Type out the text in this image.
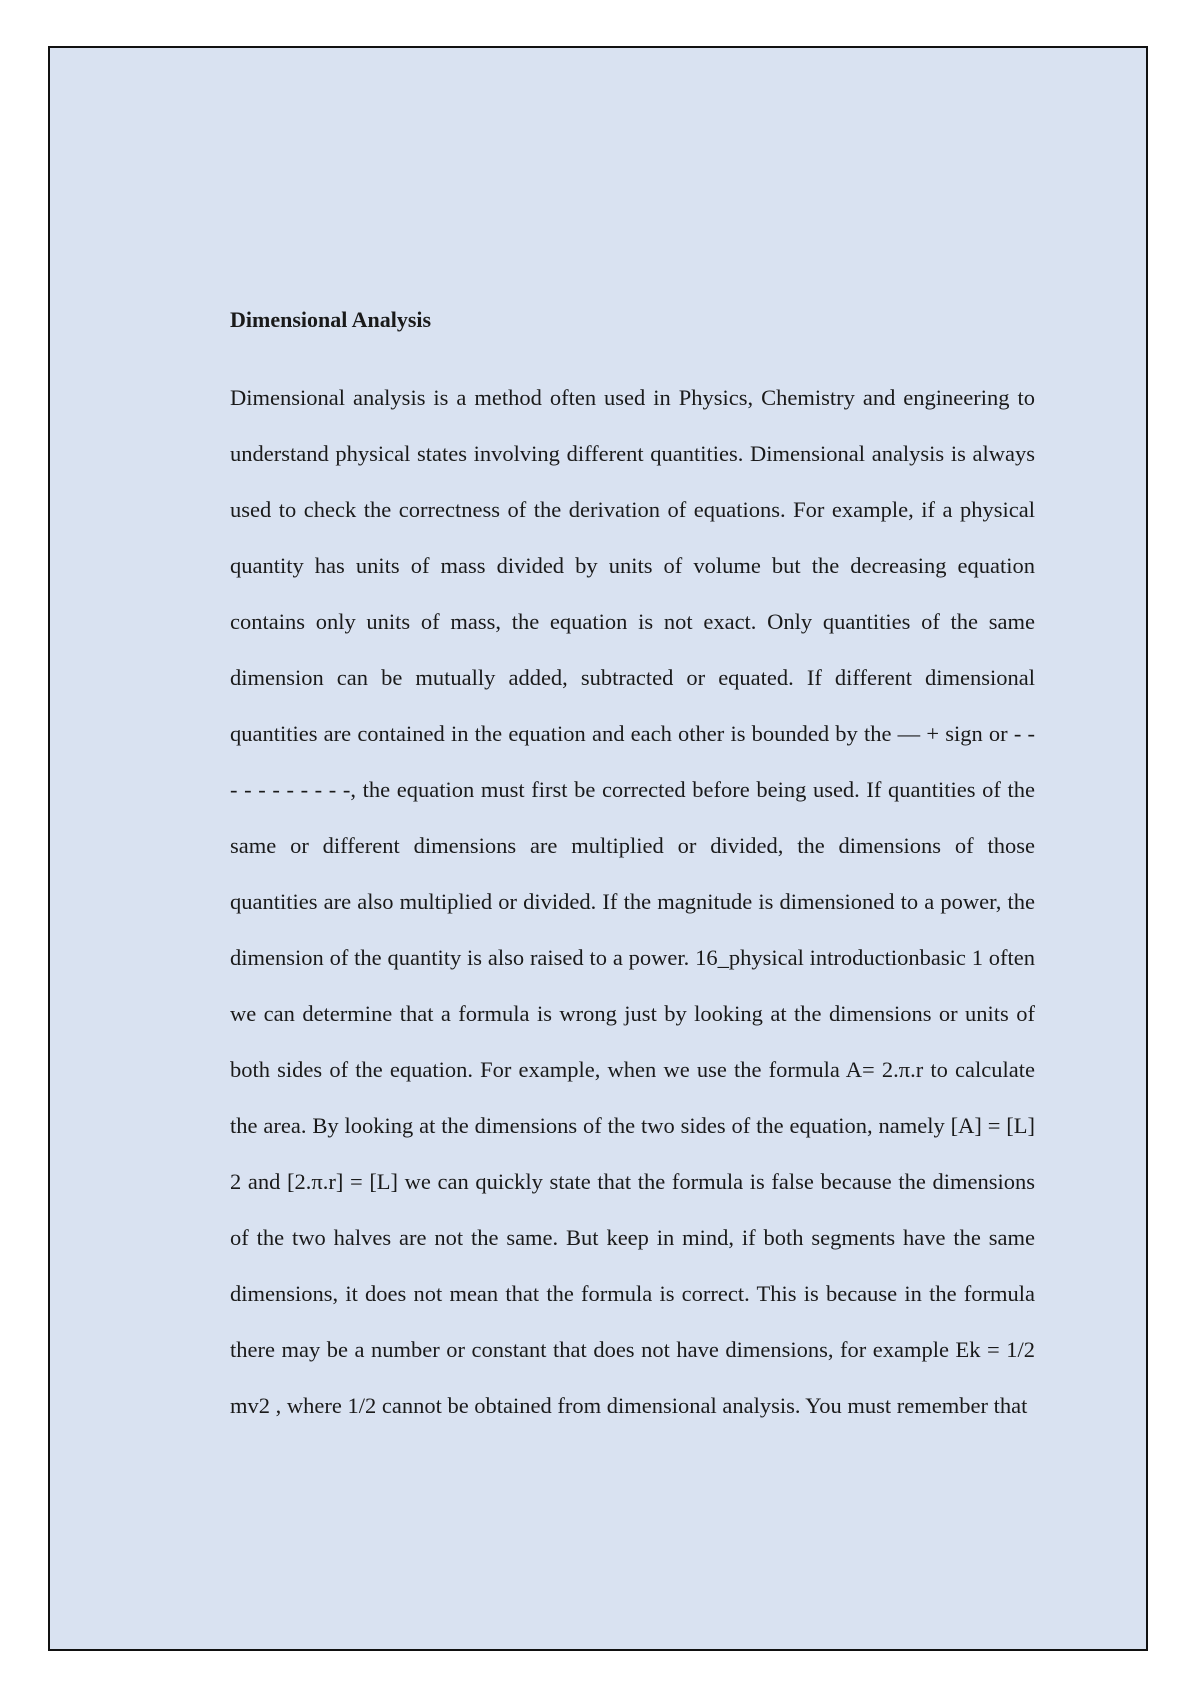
Dimensional Analysis

Dimensional analysis is a method often used in Physics, Chemistry and engineering to understand physical states involving different quantities. Dimensional analysis is always used to check the correctness of the derivation of equations. For example, if a physical quantity has units of mass divided by units of volume but the decreasing equation contains only units of mass, the equation is not exact. Only quantities of the same dimension can be mutually added, subtracted or equated. If different dimensional quantities are contained in the equation and each other is bounded by the — + sign or - - - - - - - - - - -, the equation must first be corrected before being used. If quantities of the same or different dimensions are multiplied or divided, the dimensions of those quantities are also multiplied or divided. If the magnitude is dimensioned to a power, the dimension of the quantity is also raised to a power. 16_physical introductionbasic 1 often we can determine that a formula is wrong just by looking at the dimensions or units of both sides of the equation. For example, when we use the formula A= 2.π.r to calculate the area. By looking at the dimensions of the two sides of the equation, namely [A] = [L] 2 and [2.π.r] = [L] we can quickly state that the formula is false because the dimensions of the two halves are not the same. But keep in mind, if both segments have the same dimensions, it does not mean that the formula is correct. This is because in the formula there may be a number or constant that does not have dimensions, for example Ek = 1/2 mv2 , where 1/2 cannot be obtained from dimensional analysis. You must remember that
